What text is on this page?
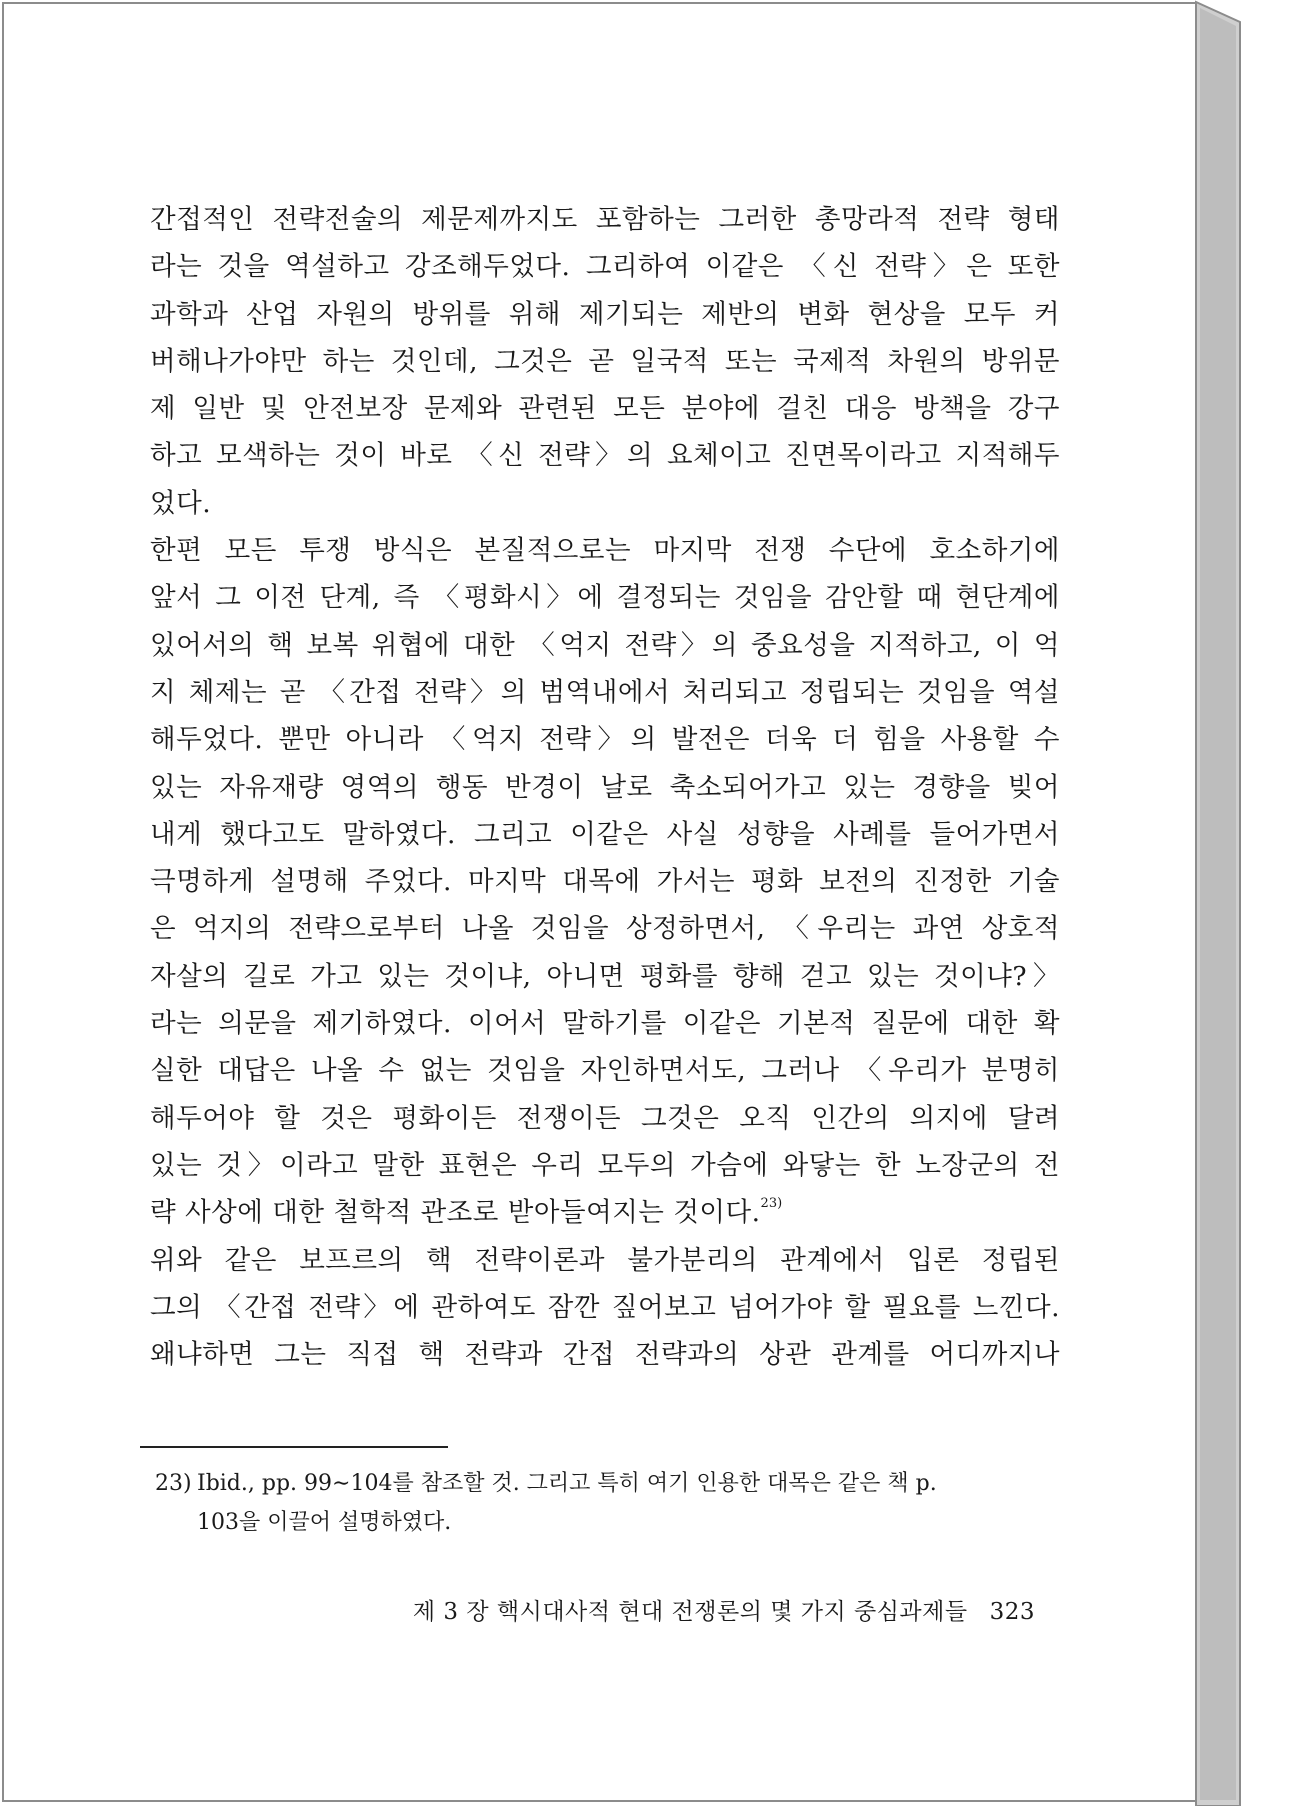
간접적인 전략전술의 제문제까지도 포함하는 그러한 총망라적 전략 형태
라는 것을 역설하고 강조해두었다. 그리하여 이같은 〈신 전략〉은 또한
과학과 산업 자원의 방위를 위해 제기되는 제반의 변화 현상을 모두 커
버해나가야만 하는 것인데, 그것은 곧 일국적 또는 국제적 차원의 방위문
제 일반 및 안전보장 문제와 관련된 모든 분야에 걸친 대응 방책을 강구
하고 모색하는 것이 바로 〈신 전략〉의 요체이고 진면목이라고 지적해두
었다.
한편 모든 투쟁 방식은 본질적으로는 마지막 전쟁 수단에 호소하기에
앞서 그 이전 단계, 즉 〈평화시〉에 결정되는 것임을 감안할 때 현단계에
있어서의 핵 보복 위협에 대한 〈억지 전략〉의 중요성을 지적하고, 이 억
지 체제는 곧 〈간접 전략〉의 범역내에서 처리되고 정립되는 것임을 역설
해두었다. 뿐만 아니라 〈억지 전략〉의 발전은 더욱 더 힘을 사용할 수
있는 자유재량 영역의 행동 반경이 날로 축소되어가고 있는 경향을 빚어
내게 했다고도 말하였다. 그리고 이같은 사실 성향을 사례를 들어가면서
극명하게 설명해 주었다. 마지막 대목에 가서는 평화 보전의 진정한 기술
은 억지의 전략으로부터 나올 것임을 상정하면서, 〈우리는 과연 상호적
자살의 길로 가고 있는 것이냐, 아니면 평화를 향해 걷고 있는 것이냐?〉
라는 의문을 제기하였다. 이어서 말하기를 이같은 기본적 질문에 대한 확
실한 대답은 나올 수 없는 것임을 자인하면서도, 그러나 〈우리가 분명히
해두어야 할 것은 평화이든 전쟁이든 그것은 오직 인간의 의지에 달려
있는 것〉이라고 말한 표현은 우리 모두의 가슴에 와닿는 한 노장군의 전
략 사상에 대한 철학적 관조로 받아들여지는 것이다.$^{23)}$
위와 같은 보프르의 핵 전략이론과 불가분리의 관계에서 입론 정립된
그의 〈간접 전략〉에 관하여도 잠깐 짚어보고 넘어가야 할 필요를 느낀다.
왜냐하면 그는 직접 핵 전략과 간접 전략과의 상관 관계를 어디까지나
23) Ibid., pp. 99∼104를 참조할 것. 그리고 특히 여기 인용한 대목은 같은 책 p.
103을 이끌어 설명하였다.
제 3 장 핵시대사적 현대 전쟁론의 몇 가지 중심과제들 323
